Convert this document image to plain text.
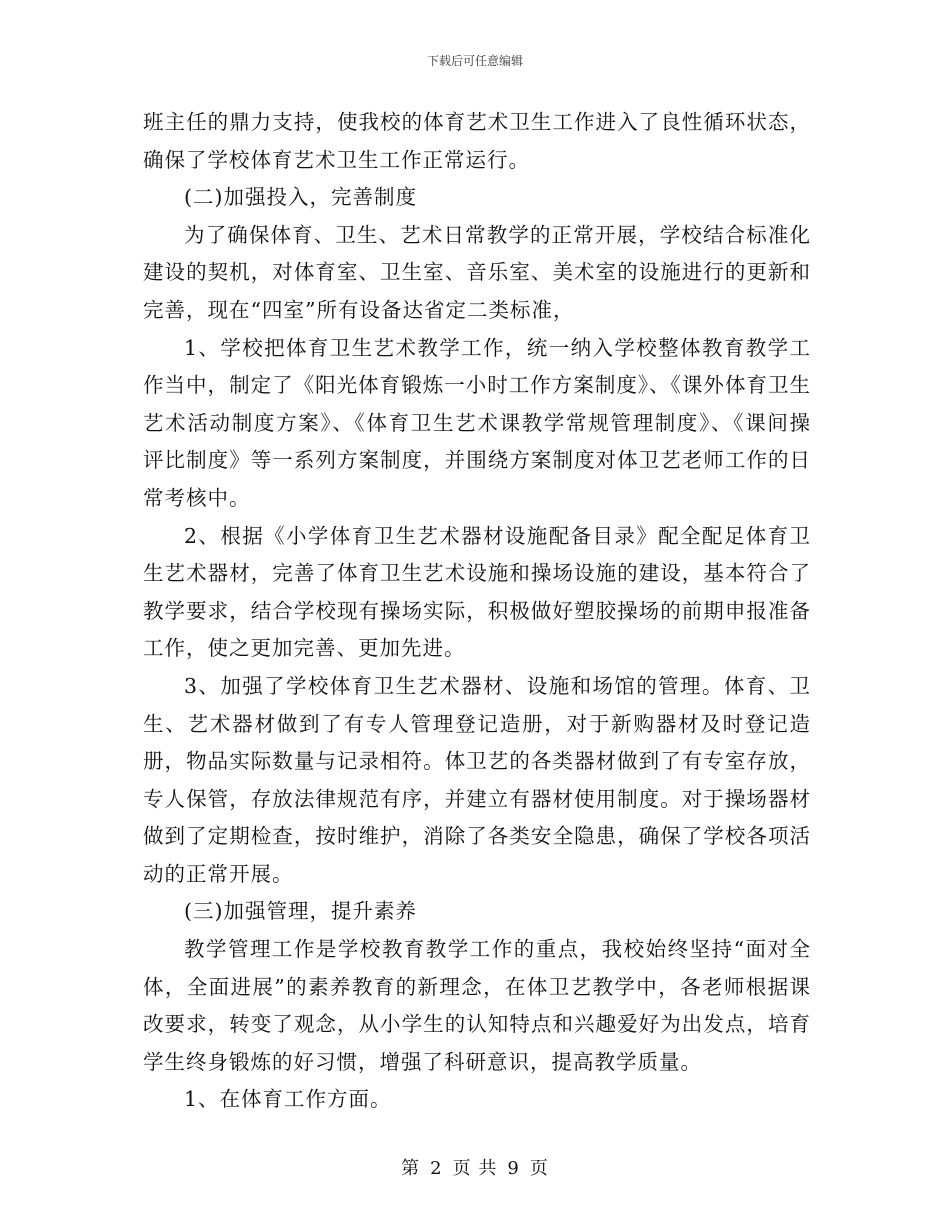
下载后可任意编辑

班主任的鼎力支持，使我校的体育艺术卫生工作进入了良性循环状态，确保了学校体育艺术卫生工作正常运行。

(二)加强投入，完善制度

为了确保体育、卫生、艺术日常教学的正常开展，学校结合标准化建设的契机，对体育室、卫生室、音乐室、美术室的设施进行的更新和完善，现在“四室”所有设备达省定二类标准，

1、学校把体育卫生艺术教学工作，统一纳入学校整体教育教学工作当中，制定了《阳光体育锻炼一小时工作方案制度》、《课外体育卫生艺术活动制度方案》、《体育卫生艺术课教学常规管理制度》、《课间操评比制度》等一系列方案制度，并围绕方案制度对体卫艺老师工作的日常考核中。

2、根据《小学体育卫生艺术器材设施配备目录》配全配足体育卫生艺术器材，完善了体育卫生艺术设施和操场设施的建设，基本符合了教学要求，结合学校现有操场实际，积极做好塑胶操场的前期申报准备工作，使之更加完善、更加先进。

3、加强了学校体育卫生艺术器材、设施和场馆的管理。体育、卫生、艺术器材做到了有专人管理登记造册，对于新购器材及时登记造册，物品实际数量与记录相符。体卫艺的各类器材做到了有专室存放，专人保管，存放法律规范有序，并建立有器材使用制度。对于操场器材做到了定期检查，按时维护，消除了各类安全隐患，确保了学校各项活动的正常开展。

(三)加强管理，提升素养

教学管理工作是学校教育教学工作的重点，我校始终坚持“面对全体，全面进展”的素养教育的新理念，在体卫艺教学中，各老师根据课改要求，转变了观念，从小学生的认知特点和兴趣爱好为出发点，培育学生终身锻炼的好习惯，增强了科研意识，提高教学质量。

1、在体育工作方面。

第 2 页 共 9 页
